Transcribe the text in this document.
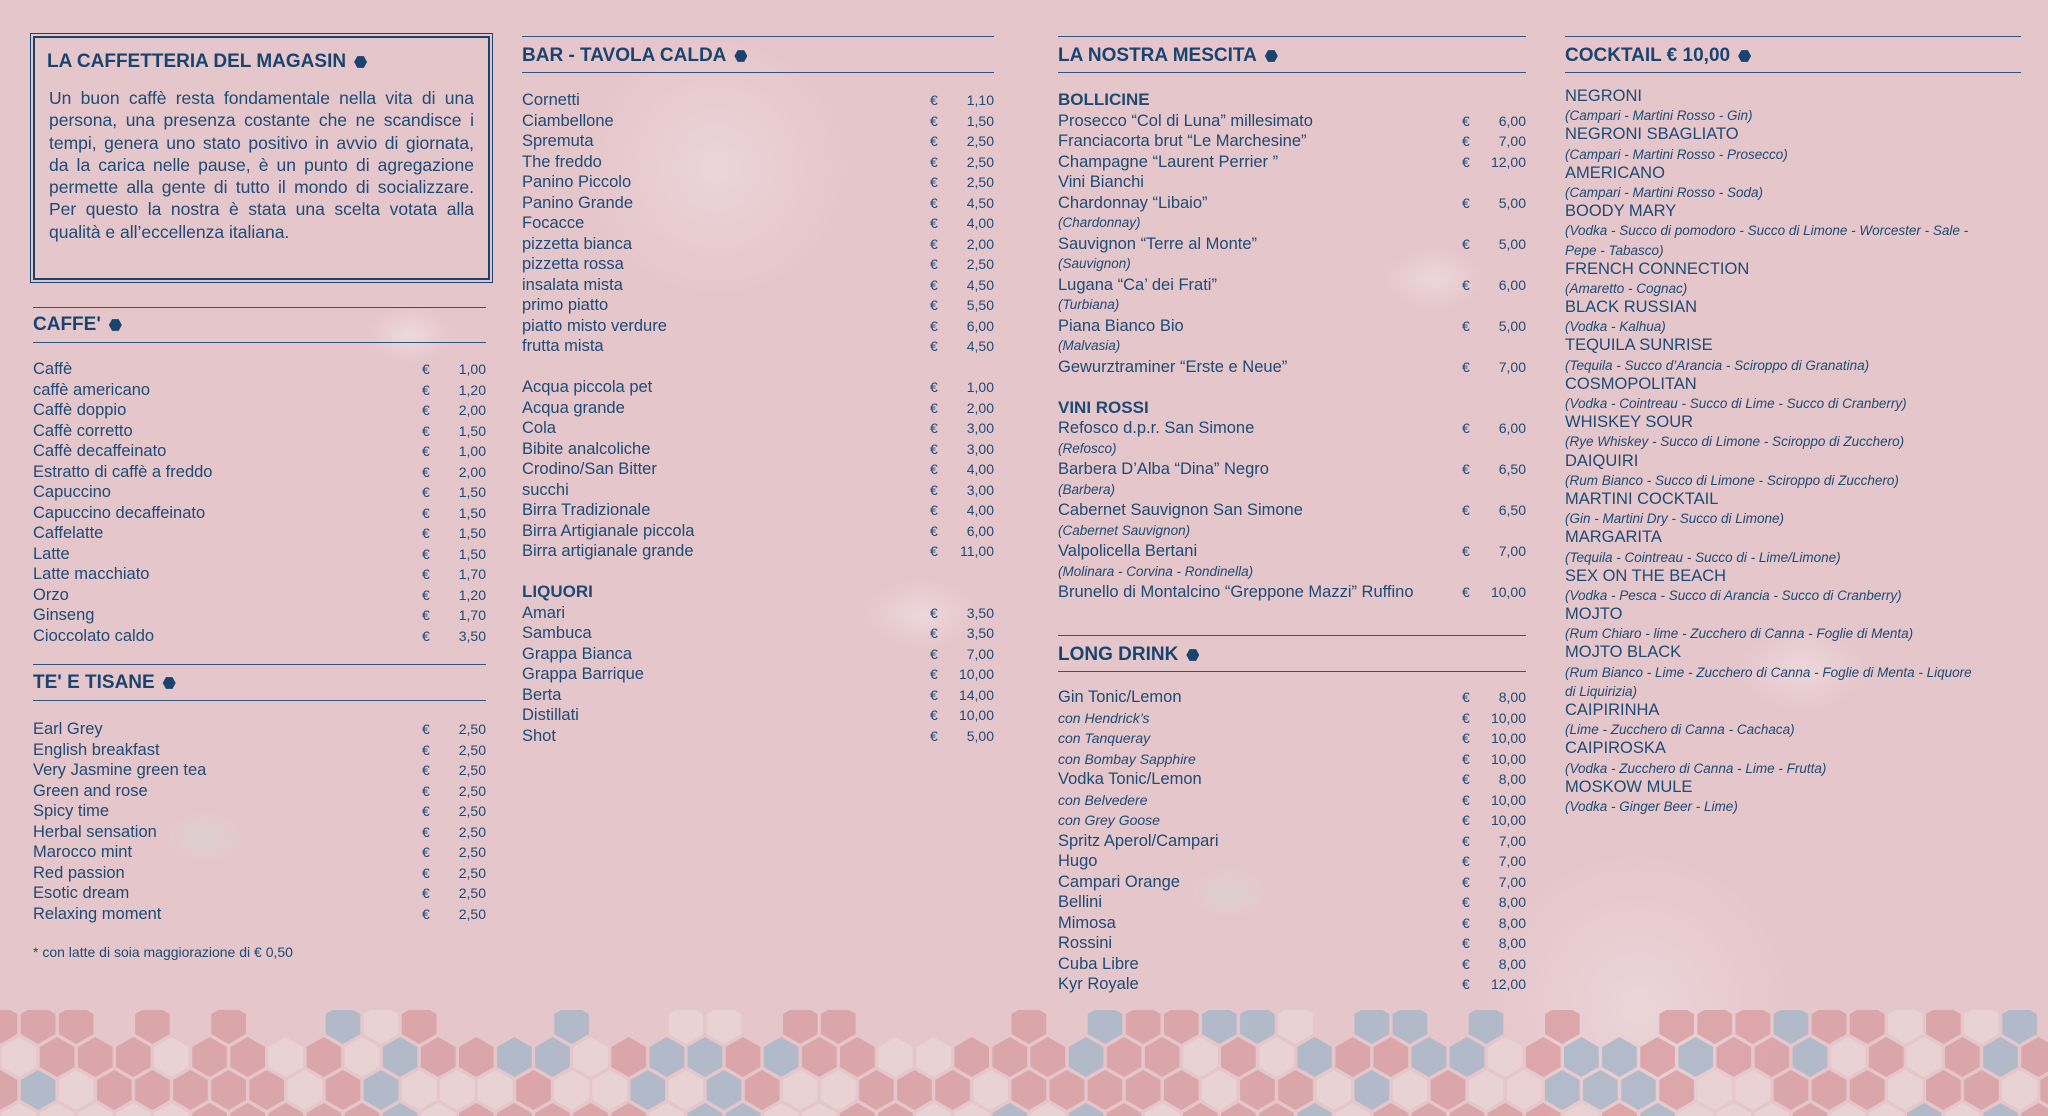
LA CAFFETTERIA DEL MAGASIN

Un buon caffè resta fondamentale nella vita di una persona, una presenza costante che ne scandisce i tempi, genera uno stato positivo in avvio di giornata, da la carica nelle pause, è un punto di agregazione permette alla gente di tutto il mondo di socializzare. Per questo la nostra è stata una scelta votata alla qualità e all’eccellenza italiana.

CAFFE'
Caffè	€	1,00
caffè americano	€	1,20
Caffè doppio	€	2,00
Caffè corretto	€	1,50
Caffè decaffeinato	€	1,00
Estratto di caffè a freddo	€	2,00
Capuccino	€	1,50
Capuccino decaffeinato	€	1,50
Caffelatte	€	1,50
Latte	€	1,50
Latte macchiato	€	1,70
Orzo	€	1,20
Ginseng	€	1,70
Cioccolato caldo	€	3,50
TE' E TISANE
Earl Grey	€	2,50
English breakfast	€	2,50
Very Jasmine green tea	€	2,50
Green and rose	€	2,50
Spicy time	€	2,50
Herbal sensation	€	2,50
Marocco mint	€	2,50
Red passion	€	2,50
Esotic dream	€	2,50
Relaxing moment	€	2,50
* con latte di soia maggiorazione di € 0,50
BAR - TAVOLA CALDA
Cornetti	€	1,10
Ciambellone	€	1,50
Spremuta	€	2,50
The freddo	€	2,50
Panino Piccolo	€	2,50
Panino Grande	€	4,50
Focacce	€	4,00
pizzetta bianca	€	2,00
pizzetta rossa	€	2,50
insalata mista	€	4,50
primo piatto	€	5,50
piatto misto verdure	€	6,00
frutta mista	€	4,50
Acqua piccola pet	€	1,00
Acqua grande	€	2,00
Cola	€	3,00
Bibite analcoliche	€	3,00
Crodino/San Bitter	€	4,00
succhi	€	3,00
Birra Tradizionale	€	4,00
Birra Artigianale piccola	€	6,00
Birra artigianale grande	€	11,00
LIQUORI
Amari	€	3,50
Sambuca	€	3,50
Grappa Bianca	€	7,00
Grappa Barrique	€	10,00
Berta	€	14,00
Distillati	€	10,00
Shot	€	5,00
LA NOSTRA MESCITA
BOLLICINE
Prosecco “Col di Luna” millesimato	€	6,00
Franciacorta brut “Le Marchesine”	€	7,00
Champagne “Laurent Perrier ”	€	12,00
Vini Bianchi
Chardonnay “Libaio”	€	5,00
(Chardonnay)
Sauvignon “Terre al Monte”	€	5,00
(Sauvignon)
Lugana “Ca’ dei Frati”	€	6,00
(Turbiana)
Piana Bianco Bio	€	5,00
(Malvasia)
Gewurztraminer “Erste e Neue”	€	7,00
VINI ROSSI
Refosco d.p.r. San Simone	€	6,00
(Refosco)
Barbera D’Alba “Dina” Negro	€	6,50
(Barbera)
Cabernet Sauvignon San Simone	€	6,50
(Cabernet Sauvignon)
Valpolicella Bertani	€	7,00
(Molinara - Corvina - Rondinella)
Brunello di Montalcino “Greppone Mazzi” Ruffino	€	10,00
LONG DRINK
Gin Tonic/Lemon	€	8,00
con Hendrick’s	€	10,00
con Tanqueray	€	10,00
con Bombay Sapphire	€	10,00
Vodka Tonic/Lemon	€	8,00
con Belvedere	€	10,00
con Grey Goose	€	10,00
Spritz Aperol/Campari	€	7,00
Hugo	€	7,00
Campari Orange	€	7,00
Bellini	€	8,00
Mimosa	€	8,00
Rossini	€	8,00
Cuba Libre	€	8,00
Kyr Royale	€	12,00
COCKTAIL € 10,00
NEGRONI
(Campari - Martini Rosso - Gin)
NEGRONI SBAGLIATO
(Campari - Martini Rosso - Prosecco)
AMERICANO
(Campari - Martini Rosso - Soda)
BOODY MARY
(Vodka - Succo di pomodoro - Succo di Limone - Worcester - Sale -
Pepe - Tabasco)
FRENCH CONNECTION
(Amaretto - Cognac)
BLACK RUSSIAN
(Vodka - Kalhua)
TEQUILA SUNRISE
(Tequila - Succo d’Arancia - Sciroppo di Granatina)
COSMOPOLITAN
(Vodka - Cointreau - Succo di Lime - Succo di Cranberry)
WHISKEY SOUR
(Rye Whiskey - Succo di Limone - Sciroppo di Zucchero)
DAIQUIRI
(Rum Bianco - Succo di Limone - Sciroppo di Zucchero)
MARTINI COCKTAIL
(Gin - Martini Dry - Succo di Limone)
MARGARITA
(Tequila - Cointreau - Succo di - Lime/Limone)
SEX ON THE BEACH
(Vodka - Pesca - Succo di Arancia - Succo di Cranberry)
MOJTO
(Rum Chiaro - lime - Zucchero di Canna - Foglie di Menta)
MOJTO BLACK
(Rum Bianco - Lime - Zucchero di Canna - Foglie di Menta - Liquore
di Liquirizia)
CAIPIRINHA
(Lime - Zucchero di Canna - Cachaca)
CAIPIROSKA
(Vodka - Zucchero di Canna - Lime - Frutta)
MOSKOW MULE
(Vodka - Ginger Beer - Lime)
